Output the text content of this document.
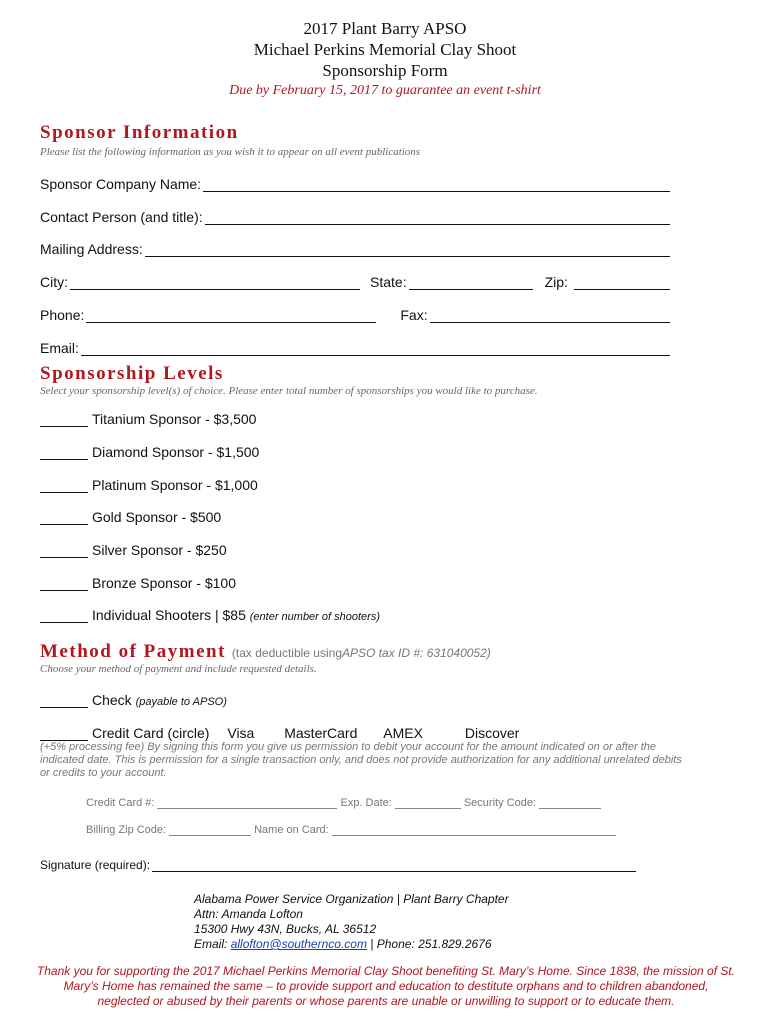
2017 Plant Barry APSO
Michael Perkins Memorial Clay Shoot
Sponsorship Form
Due by February 15, 2017 to guarantee an event t-shirt
Sponsor Information
Please list the following information as you wish it to appear on all event publications
Sponsor Company Name:
Contact Person (and title):
Mailing Address:
City:	State:	Zip:
Phone:	Fax:
Email:
Sponsorship Levels
Select your sponsorship level(s) of choice. Please enter total number of sponsorships you would like to purchase.
Titanium Sponsor - $3,500
Diamond Sponsor - $1,500
Platinum Sponsor - $1,000
Gold Sponsor - $500
Silver Sponsor - $250
Bronze Sponsor - $100
Individual Shooters | $85 (enter number of shooters)
Method of Payment (tax deductible using APSO tax ID #: 631040052)
Choose your method of payment and include requested details.
Check (payable to APSO)
Credit Card (circle) Visa MasterCard AMEX	Discover
(+5% processing fee) By signing this form you give us permission to debit your account for the amount indicated on or after the indicated date. This is permission for a single transaction only, and does not provide authorization for any additional unrelated debits or credits to your account.
Credit Card #:	Exp. Date:	Security Code:
Billing Zip Code:	Name on Card:
Signature (required):
Alabama Power Service Organization | Plant Barry Chapter
Attn: Amanda Lofton
15300 Hwy 43N, Bucks, AL 36512
Email: allofton@southernco.com | Phone: 251.829.2676
Thank you for supporting the 2017 Michael Perkins Memorial Clay Shoot benefiting St. Mary’s Home. Since 1838, the mission of St. Mary’s Home has remained the same – to provide support and education to destitute orphans and to children abandoned, neglected or abused by their parents or whose parents are unable or unwilling to support or to educate them.
